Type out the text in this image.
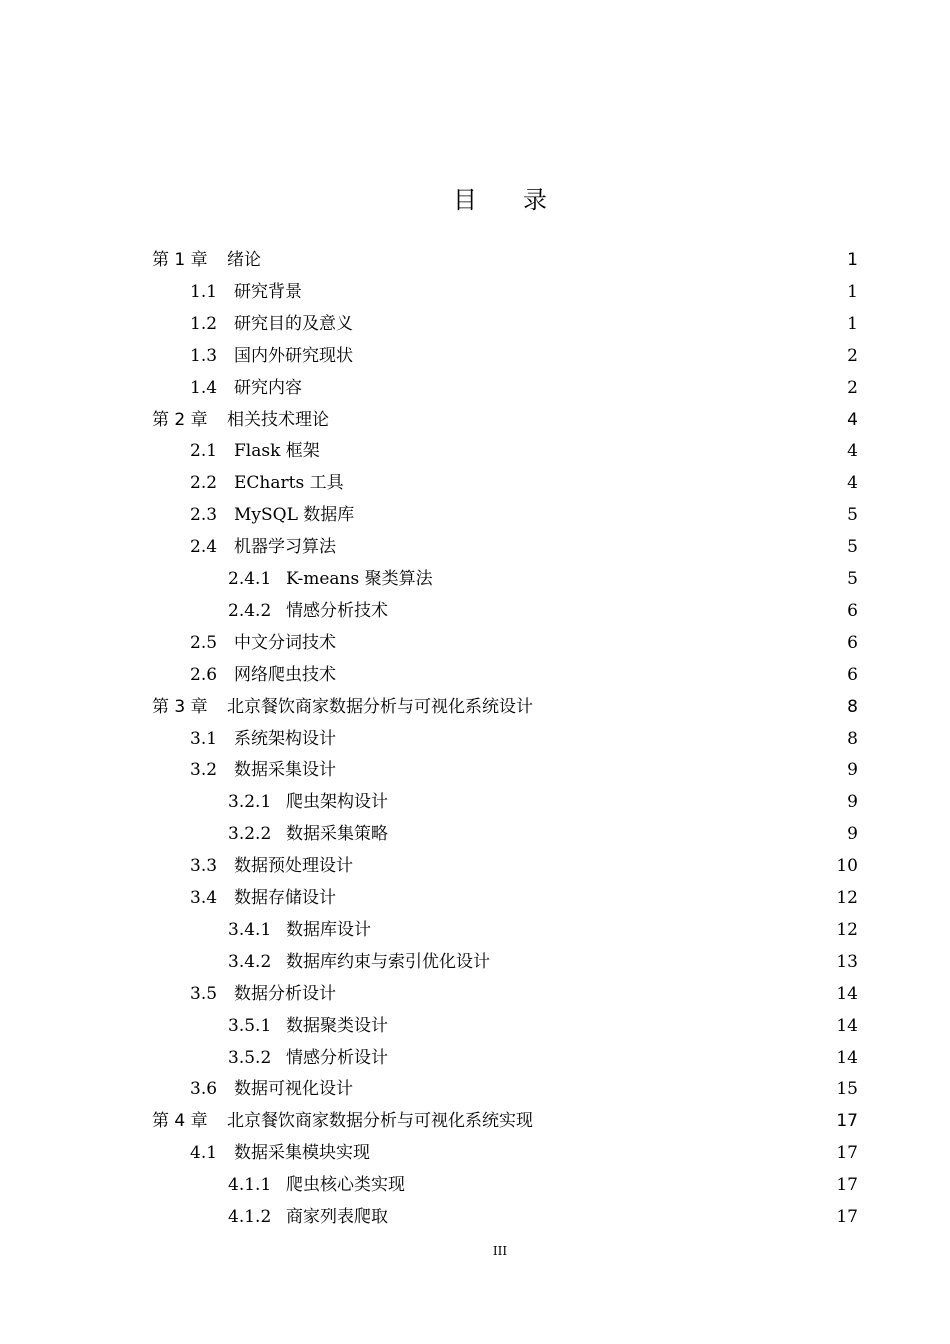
目 录
第 1 章	绪论	1
1.1 研究背景	1
1.2 研究目的及意义	1
1.3 国内外研究现状	2
1.4 研究内容	2
第 2 章	相关技术理论	4
2.1 Flask 框架	4
2.2 ECharts 工具	4
2.3 MySQL 数据库	5
2.4 机器学习算法	5
2.4.1 K-means 聚类算法	5
2.4.2 情感分析技术	6
2.5 中文分词技术	6
2.6 网络爬虫技术	6
第 3 章	北京餐饮商家数据分析与可视化系统设计	8
3.1 系统架构设计	8
3.2 数据采集设计	9
3.2.1 爬虫架构设计	9
3.2.2 数据采集策略	9
3.3 数据预处理设计	10
3.4 数据存储设计	12
3.4.1 数据库设计	12
3.4.2 数据库约束与索引优化设计	13
3.5 数据分析设计	14
3.5.1 数据聚类设计	14
3.5.2 情感分析设计	14
3.6 数据可视化设计	15
第 4 章	北京餐饮商家数据分析与可视化系统实现	17
4.1 数据采集模块实现	17
4.1.1 爬虫核心类实现	17
4.1.2 商家列表爬取	17
III
